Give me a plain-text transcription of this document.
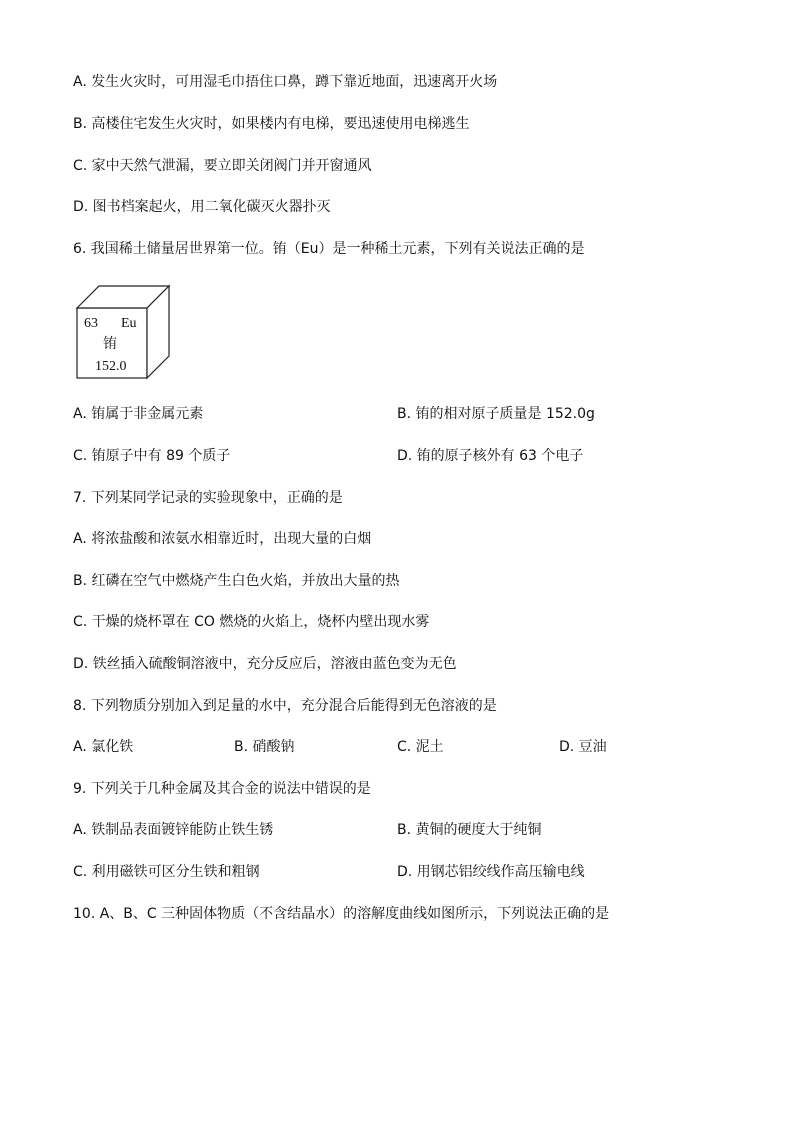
A. 发生火灾时，可用湿毛巾捂住口鼻，蹲下靠近地面，迅速离开火场
B. 高楼住宅发生火灾时，如果楼内有电梯，要迅速使用电梯逃生
C. 家中天然气泄漏，要立即关闭阀门并开窗通风
D. 图书档案起火，用二氧化碳灭火器扑灭
6. 我国稀土储量居世界第一位。铕（Eu）是一种稀土元素，下列有关说法正确的是
63 Eu
铕
152.0
A. 铕属于非金属元素	B. 铕的相对原子质量是 152.0g
C. 铕原子中有 89 个质子	D. 铕的原子核外有 63 个电子
7. 下列某同学记录的实验现象中，正确的是
A. 将浓盐酸和浓氨水相靠近时，出现大量的白烟
B. 红磷在空气中燃烧产生白色火焰，并放出大量的热
C. 干燥的烧杯罩在 CO 燃烧的火焰上，烧杯内壁出现水雾
D. 铁丝插入硫酸铜溶液中，充分反应后，溶液由蓝色变为无色
8. 下列物质分别加入到足量的水中，充分混合后能得到无色溶液的是
A. 氯化铁	B. 硝酸钠	C. 泥土	D. 豆油
9. 下列关于几种金属及其合金的说法中错误的是
A. 铁制品表面镀锌能防止铁生锈	B. 黄铜的硬度大于纯铜
C. 利用磁铁可区分生铁和粗钢	D. 用钢芯铝绞线作高压输电线
10. A、B、C 三种固体物质（不含结晶水）的溶解度曲线如图所示，下列说法正确的是
